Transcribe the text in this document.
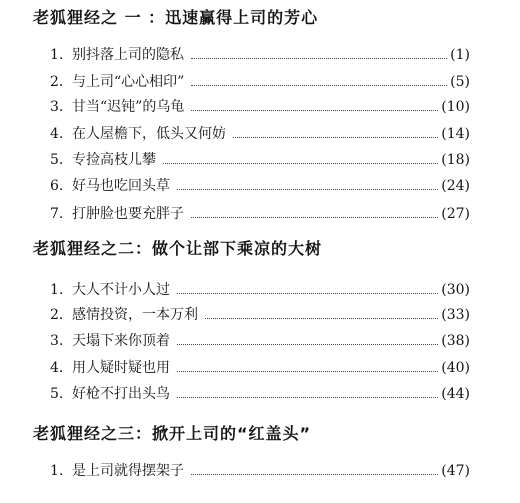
老狐狸经之 一 ：迅速赢得上司的芳心
1. 别抖落上司的隐私	(1)
2. 与上司“心心相印”	(5)
3. 甘当“迟钝”的乌龟	(10)
4. 在人屋檐下，低头又何妨	(14)
5. 专捡高枝儿攀	(18)
6. 好马也吃回头草	(24)
7. 打肿脸也要充胖子	(27)
老狐狸经之二：做个让部下乘凉的大树
1. 大人不计小人过	(30)
2. 感情投资，一本万利	(33)
3. 天塌下来你顶着	(38)
4. 用人疑时疑也用	(40)
5. 好枪不打出头鸟	(44)
老狐狸经之三：掀开上司的“红盖头”
1. 是上司就得摆架子	(47)
